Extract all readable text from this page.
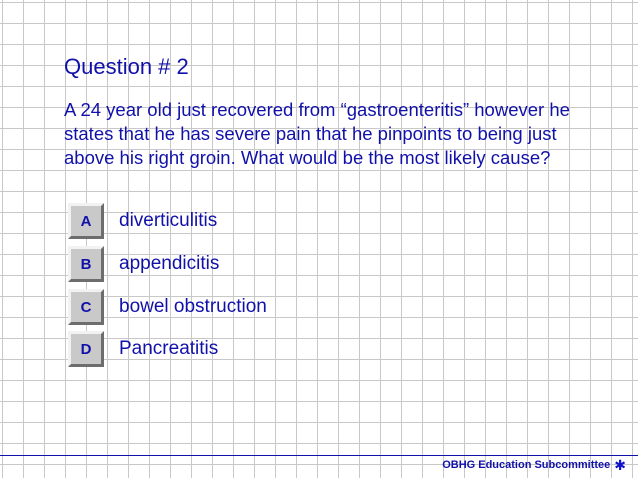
Question # 2

A 24 year old just recovered from “gastroenteritis” however he states that he has severe pain that he pinpoints to being just above his right groin. What would be the most likely cause?

A	diverticulitis
B	appendicitis
C	bowel obstruction
D	Pancreatitis
OBHG Education Subcommittee ✱
